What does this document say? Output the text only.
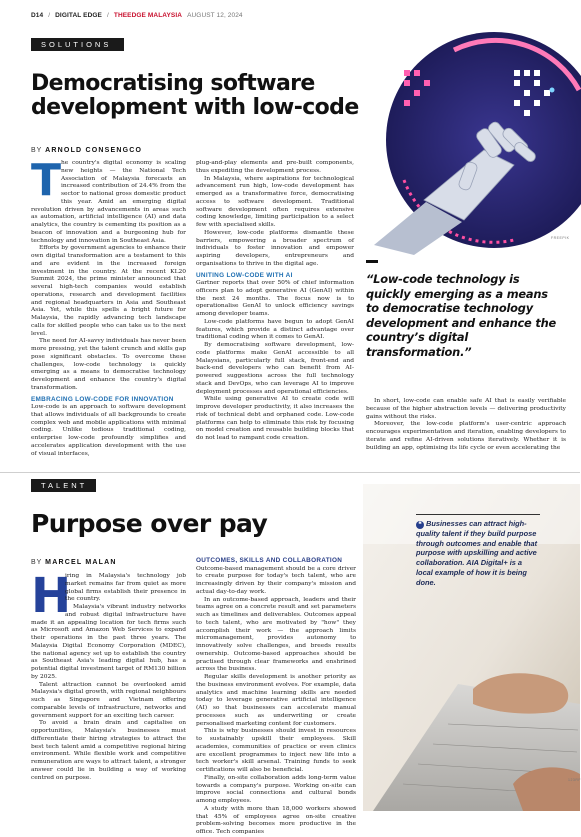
D14 / DIGITAL EDGE / THEEDGE MALAYSIA AUGUST 12, 2024
SOLUTIONS
Democratising software development with low-code
BY ARNOLD CONSENGCO
T he country's digital economy is scaling new heights — the National Tech Association of Malaysia forecasts an increased contribution of 24.4% from the sector to national gross domestic product this year. Amid an emerging digital revolution driven by advancements in areas such as automation, artificial intelligence (AI) and data analytics, the country is cementing its position as a beacon of innovation and a burgeoning hub for technology and innovation in Southeast Asia.

Efforts by government agencies to enhance their own digital transformation are a testament to this and are evident in the increased foreign investment in the country. At the recent KL20 Summit 2024, the prime minister announced that several high-tech companies would establish operations, research and development facilities and regional headquarters in Asia and Southeast Asia. Yet, while this spells a bright future for Malaysia, the rapidly advancing tech landscape calls for skilled people who can take us to the next level.

The need for AI-savvy individuals has never been more pressing, yet the talent crunch and skills gap pose significant obstacles. To overcome these challenges, low-code technology is quickly emerging as a means to democratise technology development and enhance the country's digital transformation.

EMBRACING LOW-CODE FOR INNOVATION

Low-code is an approach to software development that allows individuals of all backgrounds to create complex web and mobile applications with minimal coding. Unlike tedious traditional coding, enterprise low-code profoundly simplifies and accelerates application development with the use of visual interfaces,

plug-and-play elements and pre-built components, thus expediting the development process.

In Malaysia, where aspirations for technological advancement run high, low-code development has emerged as a transformative force, democratising access to software development. Traditional software development often requires extensive coding knowledge, limiting participation to a select few with specialised skills.

However, low-code platforms dismantle these barriers, empowering a broader spectrum of individuals to foster innovation and empower aspiring developers, entrepreneurs and organisations to thrive in the digital age.

UNITING LOW-CODE WITH AI

Gartner reports that over 50% of chief information officers plan to adopt generative AI (GenAI) within the next 24 months. The focus now is to operationalise GenAI to unlock efficiency savings among developer teams.

Low-code platforms have begun to adopt GenAI features, which provide a distinct advantage over traditional coding when it comes to GenAI.

By democratising software development, low-code platforms make GenAI accessible to all Malaysians, particularly full stack, front-end and back-end developers who can benefit from AI-powered suggestions across the full technology stack and DevOps, who can leverage AI to improve deployment processes and operational efficiencies.

While using generative AI to create code will improve developer productivity, it also increases the risk of technical debt and orphaned code. Low-code platforms can help to eliminate this risk by focusing on model creation and reusable building blocks that do not lead to rampant code creation.

FREEPIK
“Low-code technology is quickly emerging as a means to democratise technology development and enhance the country’s digital transformation.”

In short, low-code can enable safe AI that is easily verifiable because of the higher abstraction levels — delivering productivity gains without the risks.

Moreover, the low-code platform's user-centric approach encourages experimentation and iteration, enabling developers to iterate and refine AI-driven solutions iteratively. Whether it is building an app, optimising its life cycle or even accelerating the

TALENT
Purpose over pay
BY MARCEL MALAN
H

iring in Malaysia's technology job market remains far from quiet as more global firms establish their presence in the country.

Malaysia's vibrant industry networks and robust digital infrastructure have made it an appealing location for tech firms such as Microsoft and Amazon Web Services to expand their operations in the past three years. The Malaysia Digital Economy Corporation (MDEC), the national agency set up to establish the country as Southeast Asia's leading digital hub, has a potential digital investment target of RM130 billion by 2025.

Talent attraction cannot be overlooked amid Malaysia's digital growth, with regional neighbours such as Singapore and Vietnam offering comparable levels of infrastructure, networks and government support for an exciting tech career.

To avoid a brain drain and capitalise on opportunities, Malaysia's businesses must differentiate their hiring strategies to attract the best tech talent amid a competitive regional hiring environment. While flexible work and competitive remuneration are ways to attract talent, a stronger answer could lie in building a way of working centred on purpose.

OUTCOMES, SKILLS AND COLLABORATION

Outcome-based management should be a core driver to create purpose for today's tech talent, who are increasingly driven by their company's mission and actual day-to-day work.

In an outcome-based approach, leaders and their teams agree on a concrete result and set parameters such as timelines and deliverables. Outcomes appeal to tech talent, who are motivated by "how" they accomplish their work — the approach limits micromanagement, provides autonomy to innovatively solve challenges, and breeds results ownership. Outcome-based approaches should be practised through clear frameworks and enshrined across the business.

Regular skills development is another priority as the business environment evolves. For example, data analytics and machine learning skills are needed today to leverage generative artificial intelligence (AI) so that businesses can accelerate manual processes such as underwriting or create personalised marketing content for customers.

This is why businesses should invest in resources to sustainably upskill their employees. Skill academies, communities of practice or even clinics are excellent programmes to inject new life into a tech worker's skill arsenal. Training funds to seek certifications will also be beneficial.

Finally, on-site collaboration adds long-term value towards a company's purpose. Working on-site can improve social connections and cultural bonds among employees.

A study with more than 18,000 workers showed that 45% of employees agree on-site creative problem-solving becomes more productive in the office. Tech companies

123RF
❝ Businesses can attract high-quality talent if they build purpose through outcomes and enable that purpose with upskilling and active collaboration. AIA Digital+ is a local example of how it is being done.
